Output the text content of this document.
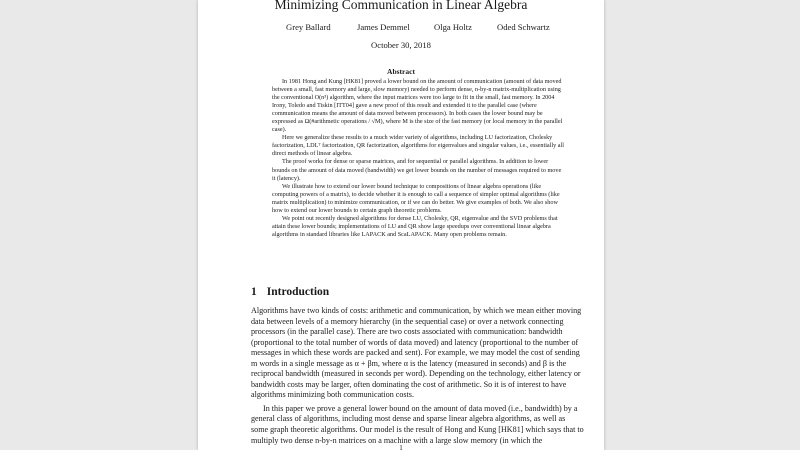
Minimizing Communication in Linear Algebra
Grey Ballard	James Demmel	Olga Holtz	Oded Schwartz
October 30, 2018
Abstract

In 1981 Hong and Kung [HK81] proved a lower bound on the amount of communication (amount of data moved between a small, fast memory and large, slow memory) needed to perform dense, n-by-n matrix-multiplication using the conventional O(n³) algorithm, where the input matrices were too large to fit in the small, fast memory. In 2004 Irony, Toledo and Tiskin [ITT04] gave a new proof of this result and extended it to the parallel case (where communication means the amount of data moved between processors). In both cases the lower bound may be expressed as Ω(#arithmetic operations / √M), where M is the size of the fast memory (or local memory in the parallel case).

Here we generalize these results to a much wider variety of algorithms, including LU factorization, Cholesky factorization, LDLᵀ factorization, QR factorization, algorithms for eigenvalues and singular values, i.e., essentially all direct methods of linear algebra.

The proof works for dense or sparse matrices, and for sequential or parallel algorithms. In addition to lower bounds on the amount of data moved (bandwidth) we get lower bounds on the number of messages required to move it (latency).

We illustrate how to extend our lower bound technique to compositions of linear algebra operations (like computing powers of a matrix), to decide whether it is enough to call a sequence of simpler optimal algorithms (like matrix multiplication) to minimize communication, or if we can do better. We give examples of both. We also show how to extend our lower bounds to certain graph theoretic problems.

We point out recently designed algorithms for dense LU, Cholesky, QR, eigenvalue and the SVD problems that attain these lower bounds; implementations of LU and QR show large speedups over conventional linear algebra algorithms in standard libraries like LAPACK and ScaLAPACK. Many open problems remain.

1 Introduction

Algorithms have two kinds of costs: arithmetic and communication, by which we mean either moving data between levels of a memory hierarchy (in the sequential case) or over a network connecting processors (in the parallel case). There are two costs associated with communication: bandwidth (proportional to the total number of words of data moved) and latency (proportional to the number of messages in which these words are packed and sent). For example, we may model the cost of sending m words in a single message as α + βm, where α is the latency (measured in seconds) and β is the reciprocal bandwidth (measured in seconds per word). Depending on the technology, either latency or bandwidth costs may be larger, often dominating the cost of arithmetic. So it is of interest to have algorithms minimizing both communication costs.

In this paper we prove a general lower bound on the amount of data moved (i.e., bandwidth) by a general class of algorithms, including most dense and sparse linear algebra algorithms, as well as some graph theoretic algorithms. Our model is the result of Hong and Kung [HK81] which says that to multiply two dense n-by-n matrices on a machine with a large slow memory (in which the

1
